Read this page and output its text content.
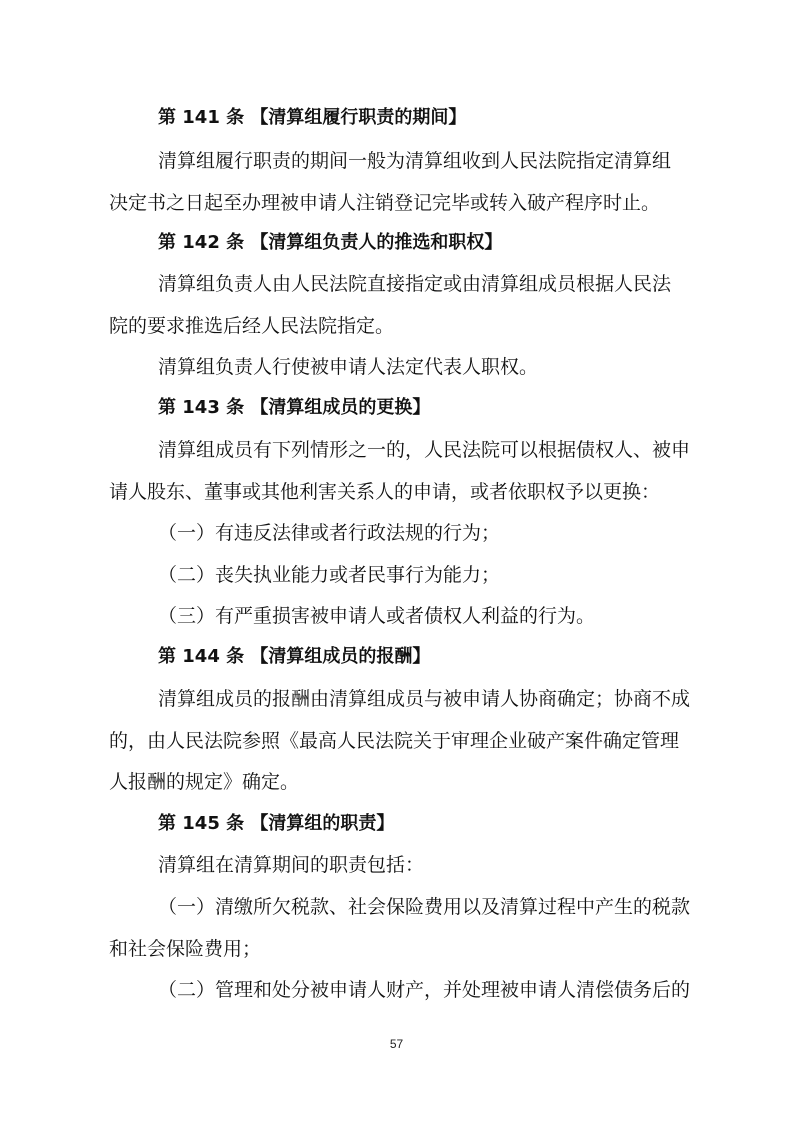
第 141 条 【清算组履行职责的期间】
清算组履行职责的期间一般为清算组收到人民法院指定清算组
决定书之日起至办理被申请人注销登记完毕或转入破产程序时止。
第 142 条 【清算组负责人的推选和职权】
清算组负责人由人民法院直接指定或由清算组成员根据人民法
院的要求推选后经人民法院指定。
清算组负责人行使被申请人法定代表人职权。
第 143 条 【清算组成员的更换】
清算组成员有下列情形之一的，人民法院可以根据债权人、被申
请人股东、董事或其他利害关系人的申请，或者依职权予以更换：
（一）有违反法律或者行政法规的行为；
（二）丧失执业能力或者民事行为能力；
（三）有严重损害被申请人或者债权人利益的行为。
第 144 条 【清算组成员的报酬】
清算组成员的报酬由清算组成员与被申请人协商确定；协商不成
的，由人民法院参照《最高人民法院关于审理企业破产案件确定管理
人报酬的规定》确定。
第 145 条 【清算组的职责】
清算组在清算期间的职责包括：
（一）清缴所欠税款、社会保险费用以及清算过程中产生的税款
和社会保险费用；
（二）管理和处分被申请人财产，并处理被申请人清偿债务后的
57
